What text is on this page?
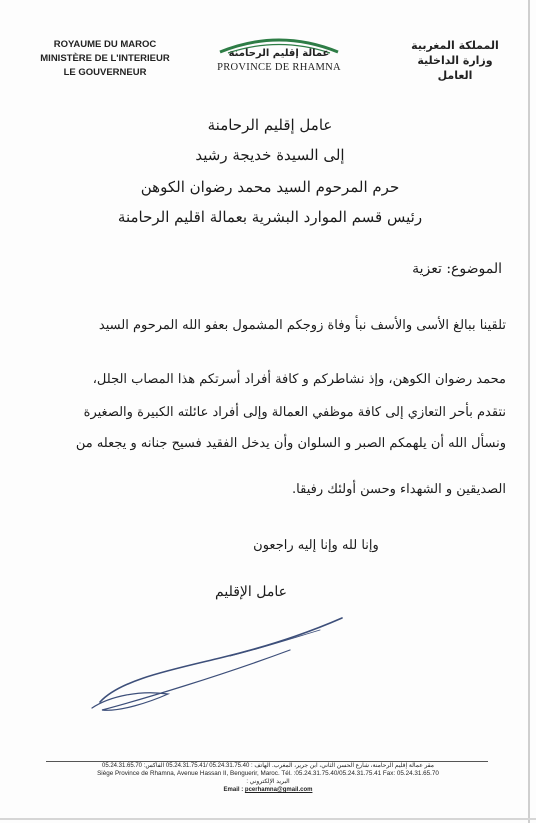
ROYAUME DU MAROC
MINISTÈRE DE L'INTERIEUR
LE GOUVERNEUR
عمالة إقليم الرحامنة
PROVINCE DE RHAMNA
المملكة المغربية
وزارة الداخلية
العامل
عامل إقليم الرحامنة
إلى السيدة خديجة رشيد
حرم المرحوم السيد محمد رضوان الكوهن
رئيس قسم الموارد البشرية بعمالة اقليم الرحامنة
الموضوع: تعزية
تلقينا ببالغ الأسى والأسف نبأ وفاة زوجكم المشمول بعفو الله المرحوم السيد
محمد رضوان الكوهن، وإذ نشاطركم و كافة أفراد أسرتكم هذا المصاب الجلل،
نتقدم بأحر التعازي إلى كافة موظفي العمالة وإلى أفراد عائلته الكبيرة والصغيرة
ونسأل الله أن يلهمكم الصبر و السلوان وأن يدخل الفقيد فسيح جنانه و يجعله من
الصديقين و الشهداء وحسن أولئك رفيقا.
وإنا لله وإنا إليه راجعون
عامل الإقليم
مقر عمالة إقليم الرحامنة، شارع الحسن الثاني، ابن جرير، المغرب. الهاتف : 05.24.31.75.40 /05.24.31.75.41 الفاكس: 05.24.31.65.70
Siège Province de Rhamna, Avenue Hassan II, Benguerir, Maroc. Tél. :05.24.31.75.40/05.24.31.75.41 Fax: 05.24.31.65.70
البريد الإلكتروني :
Email : pcerhamna@gmail.com
